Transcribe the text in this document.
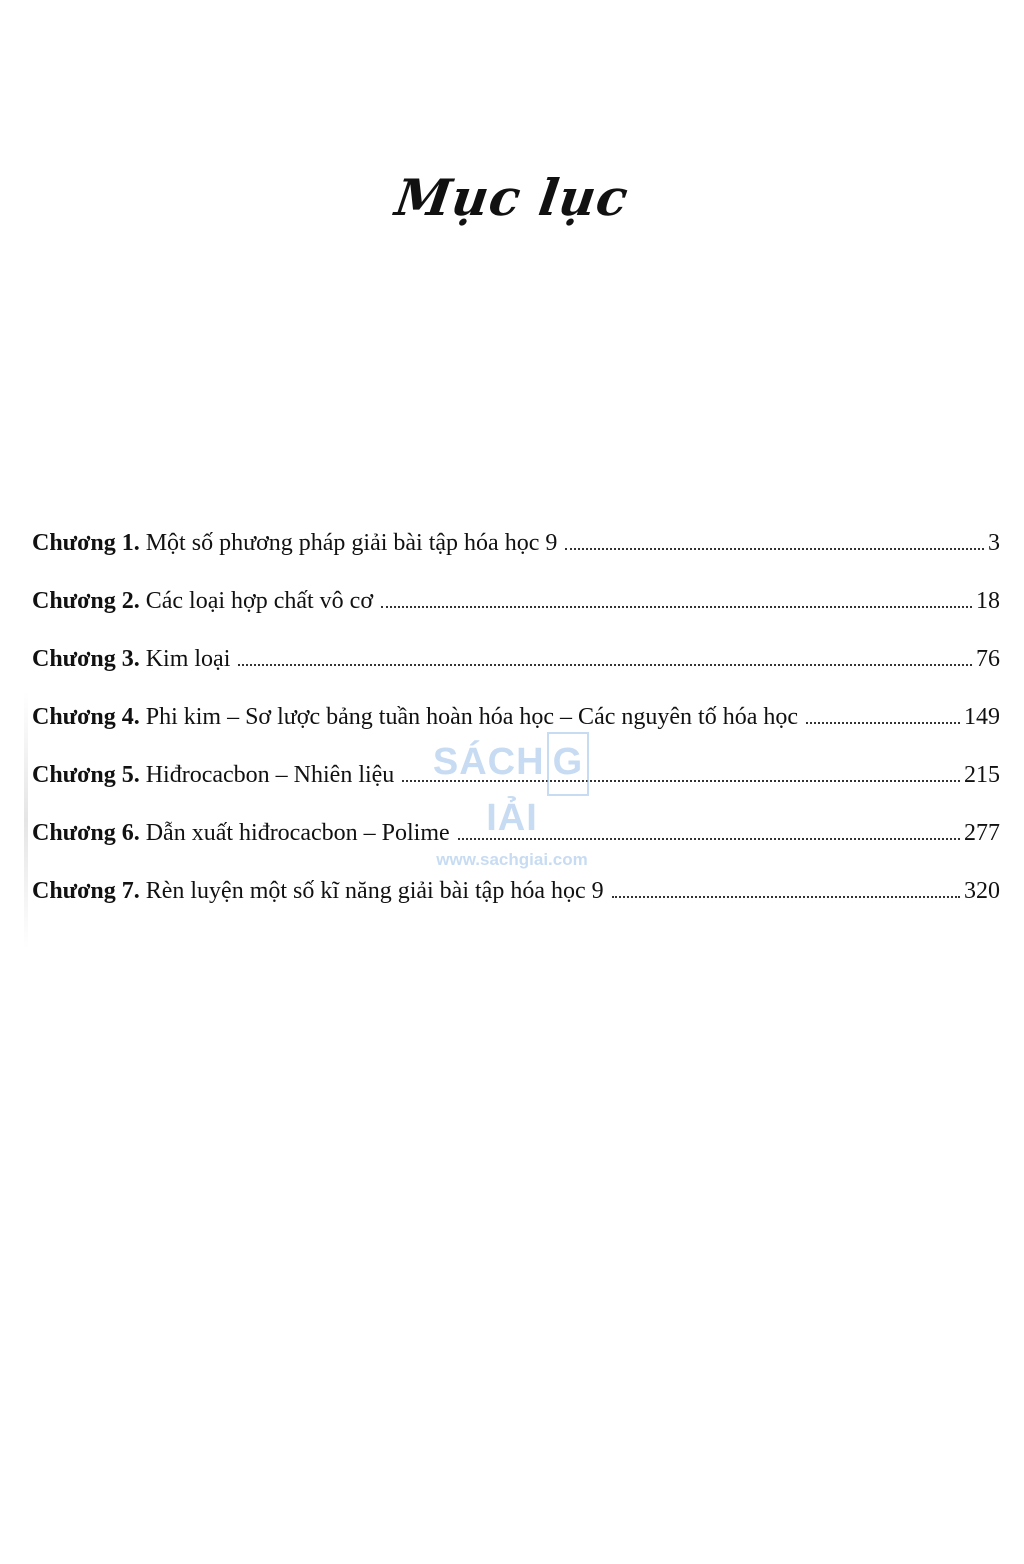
Mục lục
Chương 1. Một số phương pháp giải bài tập hóa học 9	3
Chương 2. Các loại hợp chất vô cơ	18
Chương 3. Kim loại	76
Chương 4. Phi kim – Sơ lược bảng tuần hoàn hóa học – Các nguyên tố hóa học	149
Chương 5. Hiđrocacbon – Nhiên liệu	215
Chương 6. Dẫn xuất hiđrocacbon – Polime	277
Chương 7. Rèn luyện một số kĩ năng giải bài tập hóa học 9	320
SÁCH GIẢI
www.sachgiai.com
